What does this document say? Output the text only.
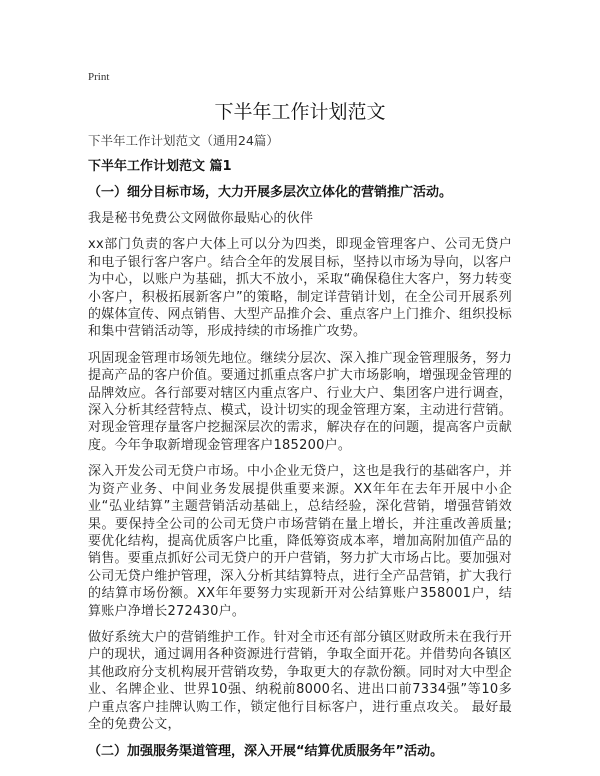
Print
下半年工作计划范文
下半年工作计划范文（通用24篇）
下半年工作计划范文 篇1
（一）细分目标市场，大力开展多层次立体化的营销推广活动。
我是秘书免费公文网做你最贴心的伙伴
xx部门负责的客户大体上可以分为四类，即现金管理客户、公司无贷户和电子银行客户客户。结合全年的发展目标，坚持以市场为导向，以客户为中心，以账户为基础，抓大不放小，采取“确保稳住大客户，努力转变小客户，积极拓展新客户”的策略，制定详营销计划，在全公司开展系列的媒体宣传、网点销售、大型产品推介会、重点客户上门推介、组织投标和集中营销活动等，形成持续的市场推广攻势。
巩固现金管理市场领先地位。继续分层次、深入推广现金管理服务，努力提高产品的客户价值。要通过抓重点客户扩大市场影响，增强现金管理的品牌效应。各行部要对辖区内重点客户、行业大户、集团客户进行调查，深入分析其经营特点、模式，设计切实的现金管理方案，主动进行营销。对现金管理存量客户挖掘深层次的需求，解决存在的问题，提高客户贡献度。今年争取新增现金管理客户185200户。
深入开发公司无贷户市场。中小企业无贷户，这也是我行的基础客户，并为资产业务、中间业务发展提供重要来源。XX年年在去年开展中小企业“弘业结算”主题营销活动基础上，总结经验，深化营销，增强营销效果。要保持全公司的公司无贷户市场营销在量上增长，并注重改善质量;要优化结构，提高优质客户比重，降低筹资成本率，增加高附加值产品的销售。要重点抓好公司无贷户的开户营销，努力扩大市场占比。要加强对公司无贷户维护管理，深入分析其结算特点，进行全产品营销，扩大我行的结算市场份额。XX年年要努力实现新开对公结算账户358001户，结算账户净增长272430户。
做好系统大户的营销维护工作。针对全市还有部分镇区财政所未在我行开户的现状，通过调用各种资源进行营销，争取全面开花。并借势向各镇区其他政府分支机构展开营销攻势，争取更大的存款份额。同时对大中型企业、名牌企业、世界10强、纳税前8000名、进出口前7334强”等10多户重点客户挂牌认购工作，锁定他行目标客户，进行重点攻关。 最好最全的免费公文，
（二）加强服务渠道管理，深入开展“结算优质服务年”活动。
